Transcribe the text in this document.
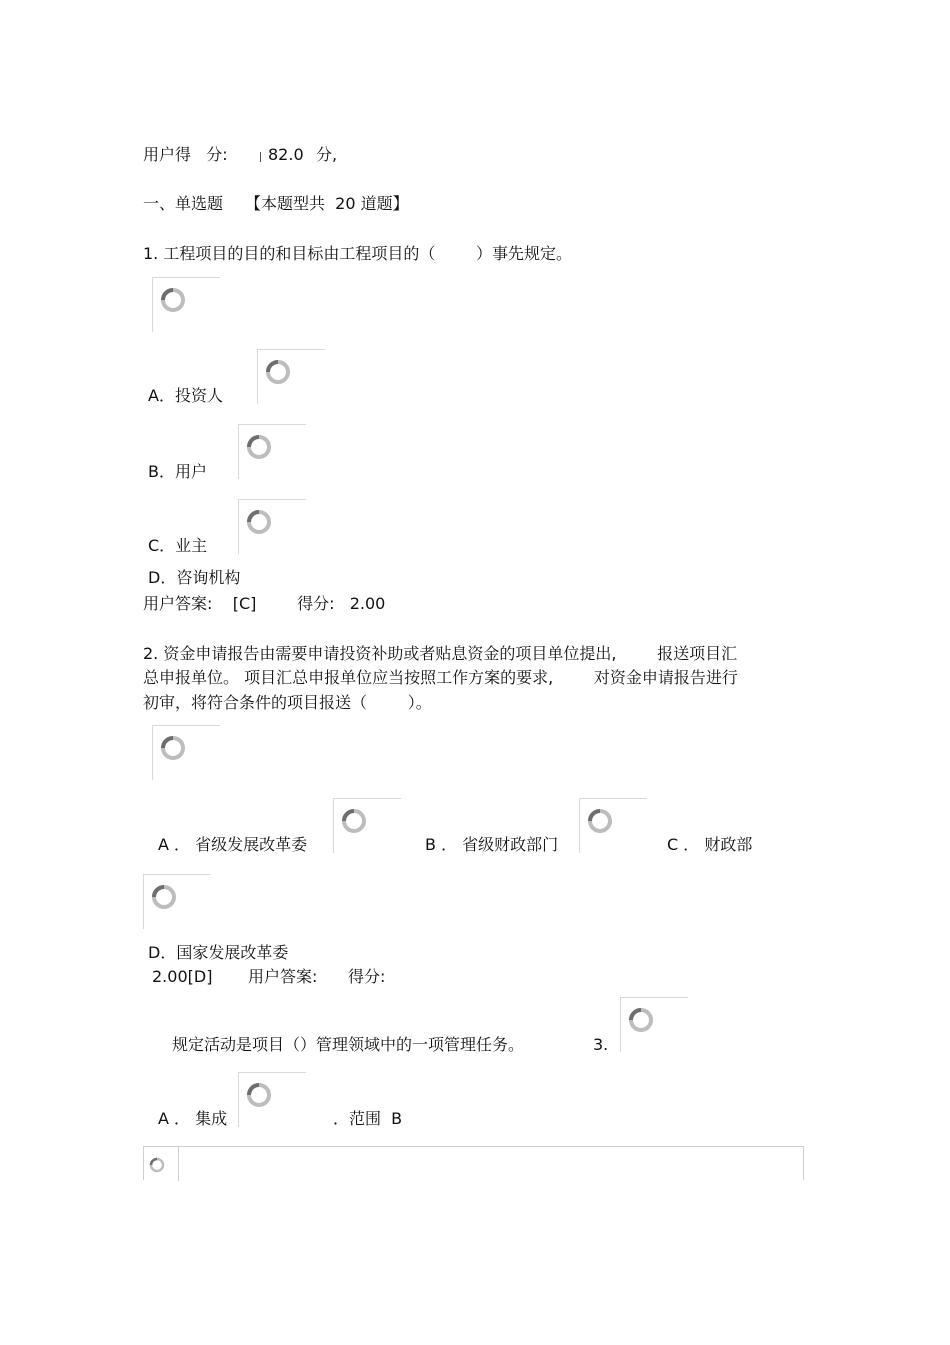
用户得   分:	82.0 分,
一、单选题 【本题型共  20 道题】
1. 工程项目的目的和目标由工程项目的（        ）事先规定。
A．投资人
B．用户
C．业主
D．咨询机构
用户答案:    [C]        得分:   2.00
2. 资金申请报告由需要申请投资补助或者贴息资金的项目单位提出,        报送项目汇
总申报单位。 项目汇总申报单位应当按照工作方案的要求,        对资金申请报告进行
初审，将符合条件的项目报送（        ）。
A ． 省级发展改革委	B ． 省级财政部门	C ． 财政部
D．国家发展改革委
2.00[D]       用户答案:      得分:
规定活动是项目（）管理领域中的一项管理任务。	3.
A ． 集成	．范围  B
